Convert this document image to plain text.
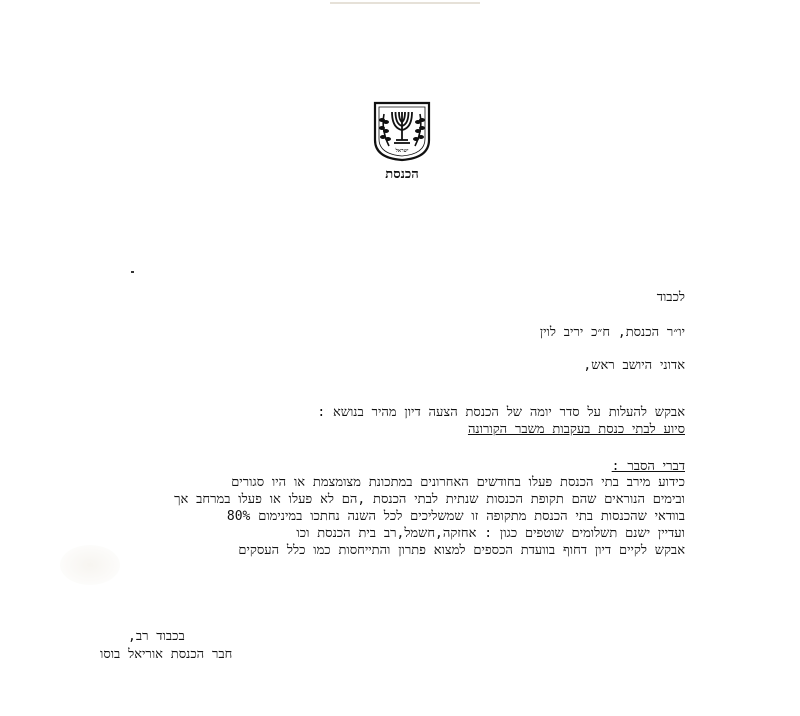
הכנסת
ישראל
לכבוד
יו״ר הכנסת, ח״כ יריב לוין
אדוני היושב ראש,
אבקש להעלות על סדר יומה של הכנסת הצעה דיון מהיר בנושא :
סיוע לבתי כנסת בעקבות משבר הקורונה
דברי הסבר :
כידוע מירב בתי הכנסת פעלו בחודשים האחרונים במתכונת מצומצמת או היו סגורים
ובימים הנוראים שהם תקופת הכנסות שנתית לבתי הכנסת ,הם לא פעלו או פעלו במרחב אך
בוודאי שהכנסות בתי הכנסת מתקופה זו שמשליכים לכל השנה נחתכו במינימום 80%
ועדיין ישנם תשלומים שוטפים כגון : אחזקה,חשמל,רב בית הכנסת וכו
אבקש לקיים דיון דחוף בוועדת הכספים למצוא פתרון והתייחסות כמו כלל העסקים
בכבוד רב,
חבר הכנסת אוריאל בוסו
